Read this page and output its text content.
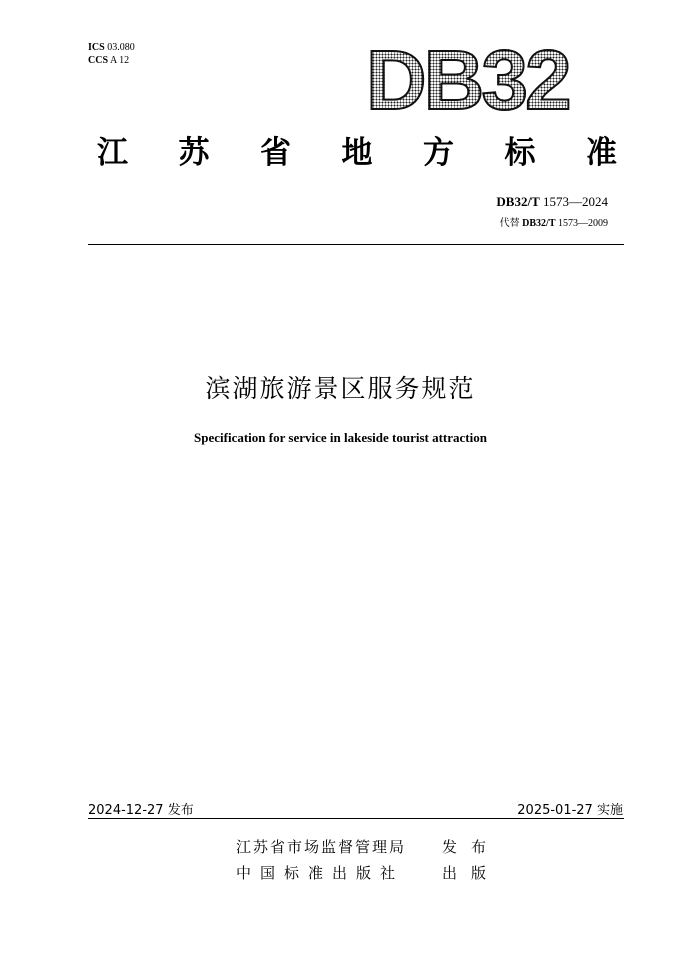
ICS 03.080
CCS A 12	DB32
江 苏 省 地 方 标 准
DB32/T 1573—2024
代替 DB32/T 1573—2009
滨湖旅游景区服务规范
Specification for service in lakeside tourist attraction
2024-12-27 发布	2025-01-27 实施
江苏省市场监督管理局 发布
中国标准出版社	出版
